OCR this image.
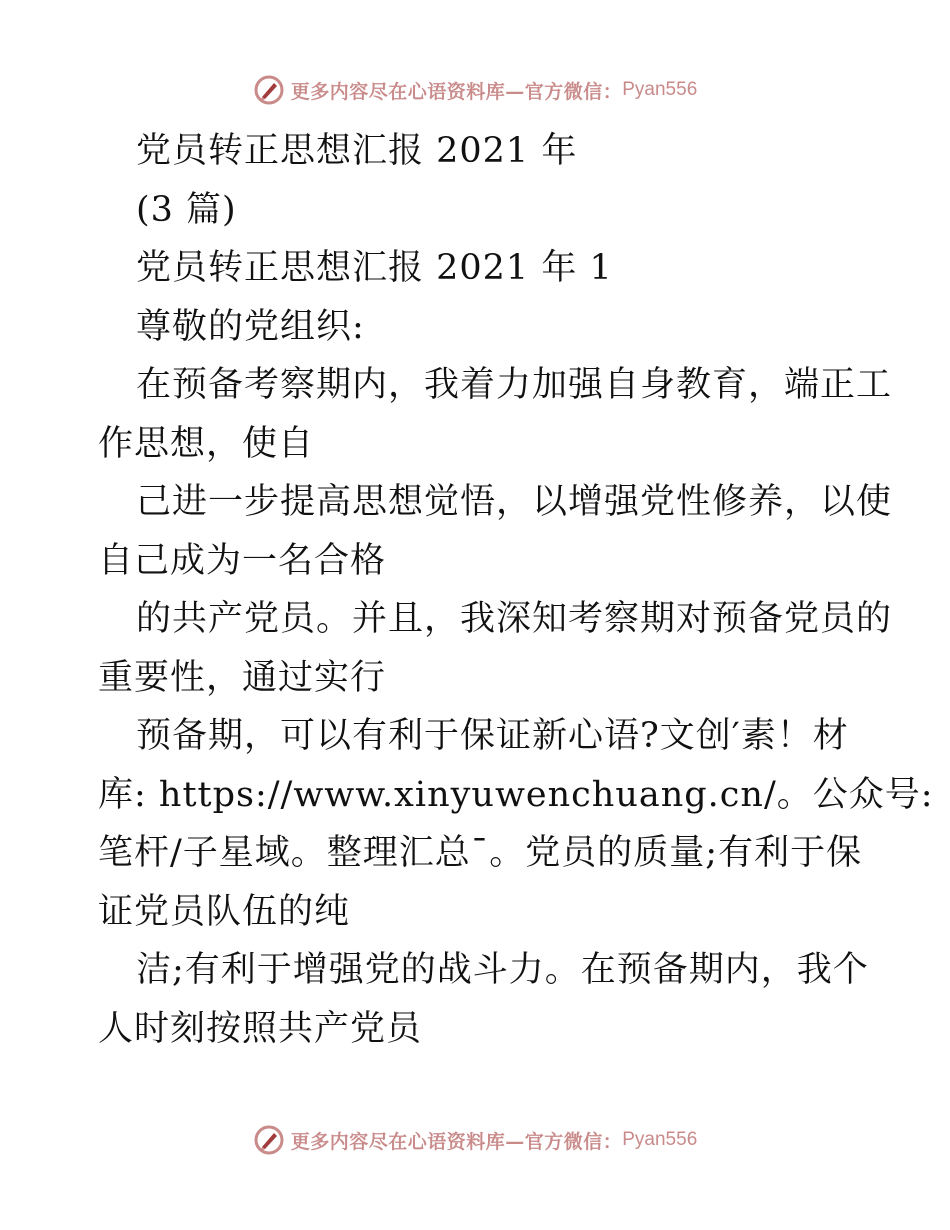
更多内容尽在心语资料库—官方微信： Pyan556
党员转正思想汇报 2021 年
(3 篇)
党员转正思想汇报 2021 年 1
尊敬的党组织:
在预备考察期内，我着力加强自身教育，端正工
作思想，使自
己进一步提高思想觉悟，以增强党性修养，以使
自己成为一名合格
的共产党员。并且，我深知考察期对预备党员的
重要性，通过实行
预备期，可以有利于保证新心语?文创′素！材
库: https://www.xinyuwenchuang.cn/。公众号:
笔杆/子星域。整理汇总¯。党员的质量;有利于保
证党员队伍的纯
洁;有利于增强党的战斗力。在预备期内，我个
人时刻按照共产党员
更多内容尽在心语资料库—官方微信： Pyan556
